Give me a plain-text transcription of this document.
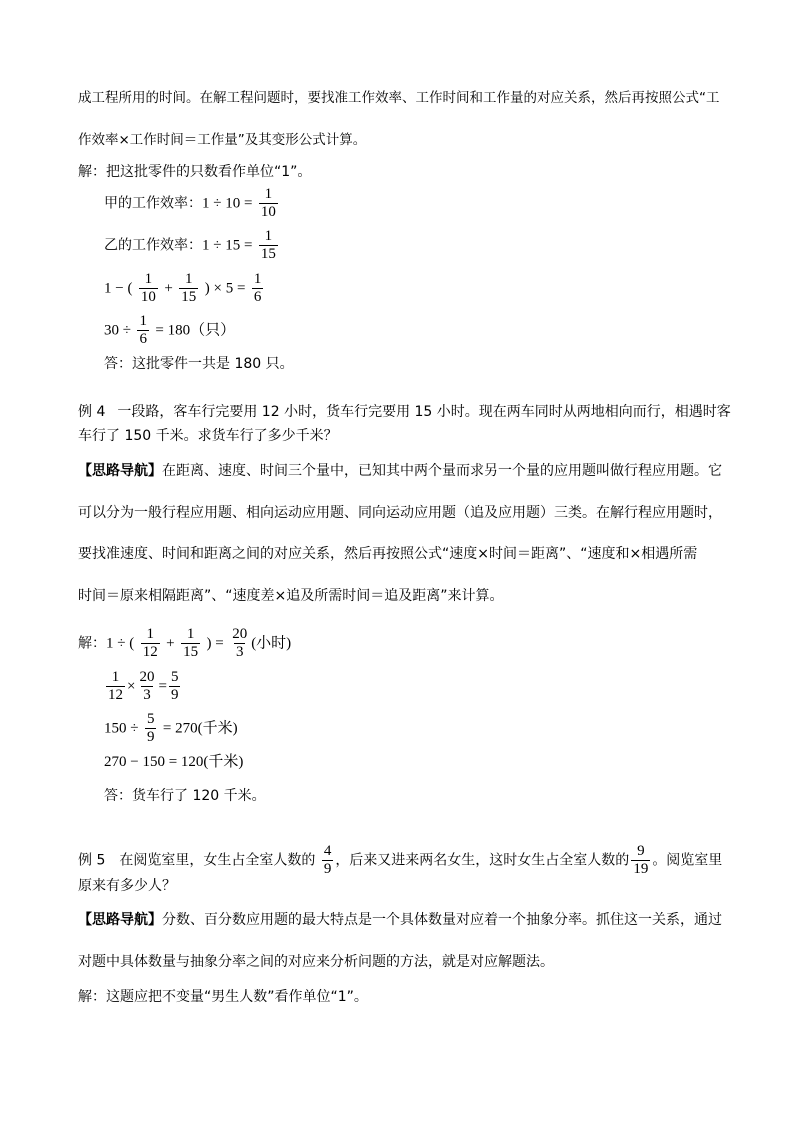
成工程所用的时间。在解工程问题时，要找准工作效率、工作时间和工作量的对应关系，然后再按照公式“工
作效率×工作时间＝工作量”及其变形公式计算。
解：把这批零件的只数看作单位“1”。
甲的工作效率：$1 \div 10 = \frac{1}{10}$
乙的工作效率：$1 \div 15 = \frac{1}{15}$
1 − ( $\frac{1}{10} + \frac{1}{15}$ ) × $5 = \frac{1}{6}$
$30 \div \frac{1}{6} = 180$（只）
答：这批零件一共是 180 只。
例 4 一段路，客车行完要用 12 小时，货车行完要用 15 小时。现在两车同时从两地相向而行，相遇时客
车行了 150 千米。求货车行了多少千米？
【思路导航】在距离、速度、时间三个量中，已知其中两个量而求另一个量的应用题叫做行程应用题。它
可以分为一般行程应用题、相向运动应用题、同向运动应用题（追及应用题）三类。在解行程应用题时，
要找准速度、时间和距离之间的对应关系，然后再按照公式“速度×时间＝距离”、“速度和×相遇所需
时间＝原来相隔距离”、“速度差×追及所需时间＝追及距离”来计算。
解：1 ÷ ( $\frac{1}{12} + \frac{1}{15}$ ) = $\frac{20}{3}$ (小时)
$\frac{1}{12} \times \frac{20}{3} = \frac{5}{9}$
$150 \div \frac{5}{9} = 270$(千米)
270 − 150 = 120(千米)
答：货车行了 120 千米。
例 5 在阅览室里，女生占全室人数的 $\frac{4}{9}$ ，后来又进来两名女生，这时女生占全室人数的 $\frac{9}{19}$ 。阅览室里
原来有多少人？
【思路导航】分数、百分数应用题的最大特点是一个具体数量对应着一个抽象分率。抓住这一关系，通过
对题中具体数量与抽象分率之间的对应来分析问题的方法，就是对应解题法。
解：这题应把不变量“男生人数”看作单位“1”。
